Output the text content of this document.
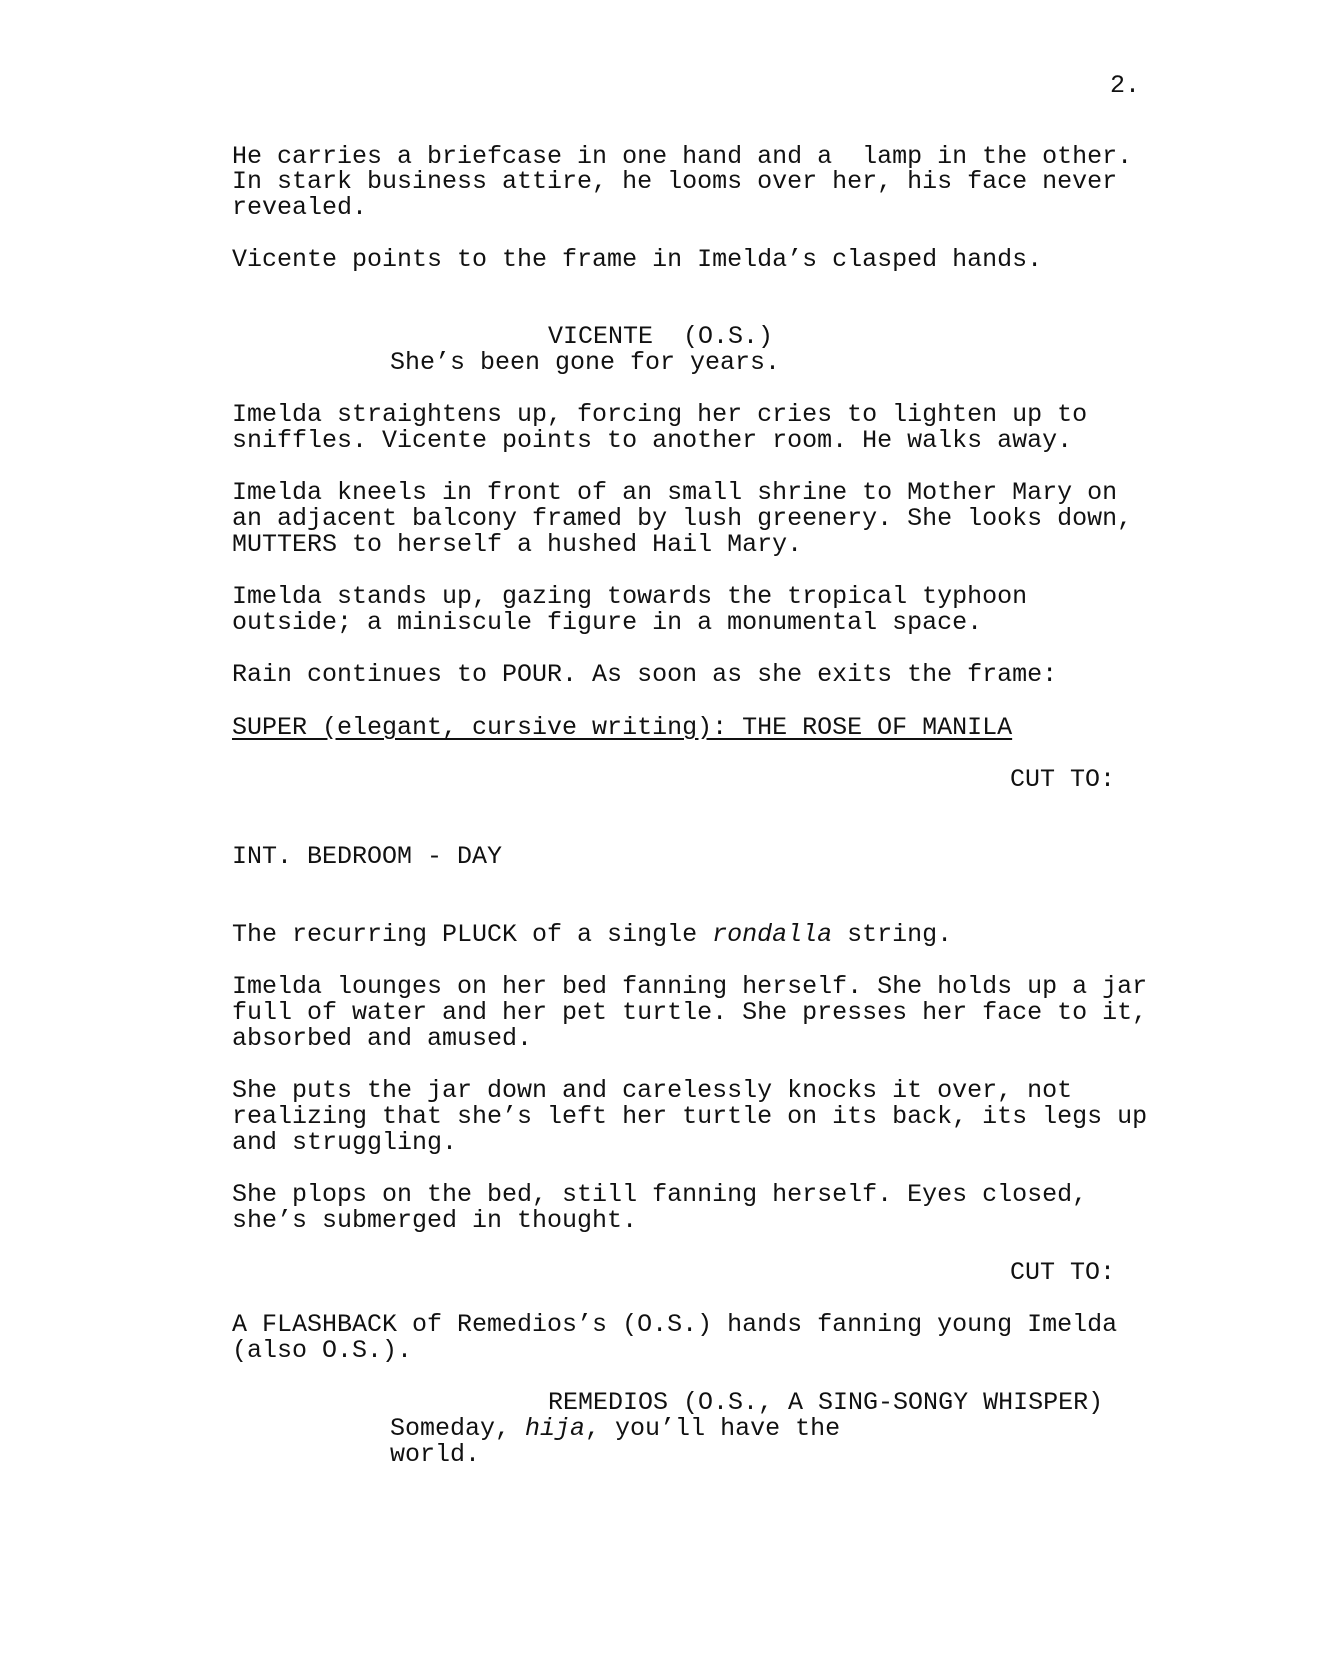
2.

He carries a briefcase in one hand and a  lamp in the other.

In stark business attire, he looms over her, his face never

revealed.

Vicente points to the frame in Imelda’s clasped hands.

VICENTE  (O.S.)

She’s been gone for years.

Imelda straightens up, forcing her cries to lighten up to

sniffles. Vicente points to another room. He walks away.

Imelda kneels in front of an small shrine to Mother Mary on

an adjacent balcony framed by lush greenery. She looks down,

MUTTERS to herself a hushed Hail Mary.

Imelda stands up, gazing towards the tropical typhoon

outside; a miniscule figure in a monumental space.

Rain continues to POUR. As soon as she exits the frame:

SUPER (elegant, cursive writing): THE ROSE OF MANILA

CUT TO:

INT. BEDROOM - DAY

The recurring PLUCK of a single rondalla string.

Imelda lounges on her bed fanning herself. She holds up a jar

full of water and her pet turtle. She presses her face to it,

absorbed and amused.

She puts the jar down and carelessly knocks it over, not

realizing that she’s left her turtle on its back, its legs up

and struggling.

She plops on the bed, still fanning herself. Eyes closed,

she’s submerged in thought.

CUT TO:

A FLASHBACK of Remedios’s (O.S.) hands fanning young Imelda

(also O.S.).

REMEDIOS (O.S., A SING-SONGY WHISPER)

Someday, hija, you’ll have the

world.
